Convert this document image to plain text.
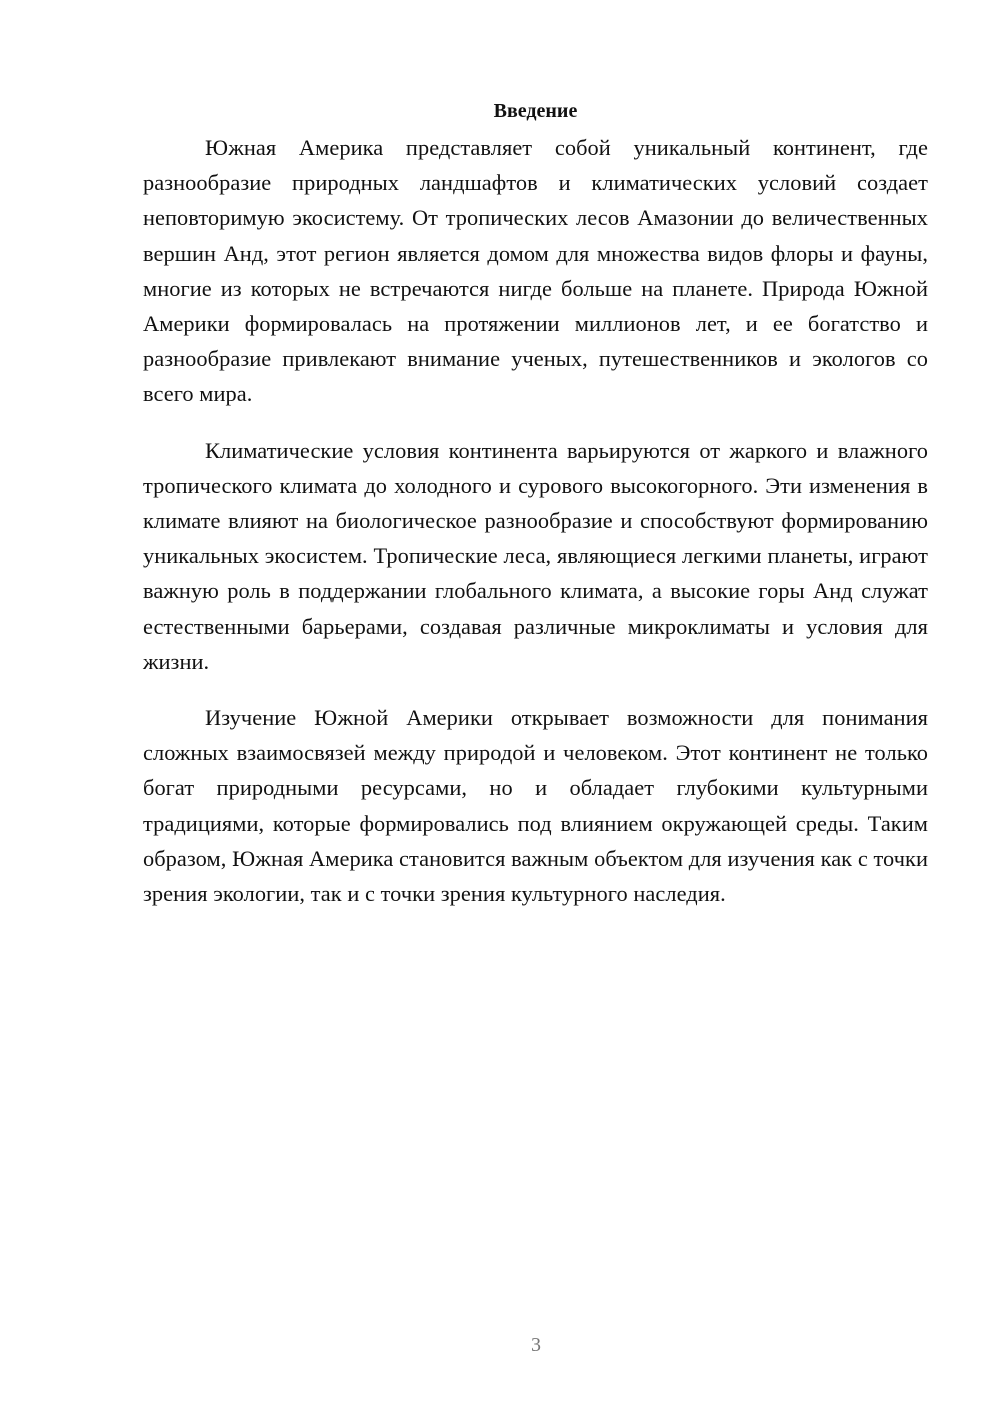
Введение

Южная Америка представляет собой уникальный континент, где разнообразие природных ландшафтов и климатических условий создает неповторимую экосистему. От тропических лесов Амазонии до величественных вершин Анд, этот регион является домом для множества видов флоры и фауны, многие из которых не встречаются нигде больше на планете. Природа Южной Америки формировалась на протяжении миллионов лет, и ее богатство и разнообразие привлекают внимание ученых, путешественников и экологов со всего мира.

Климатические условия континента варьируются от жаркого и влажного тропического климата до холодного и сурового высокогорного. Эти изменения в климате влияют на биологическое разнообразие и способствуют формированию уникальных экосистем. Тропические леса, являющиеся легкими планеты, играют важную роль в поддержании глобального климата, а высокие горы Анд служат естественными барьерами, создавая различные микроклиматы и условия для жизни.

Изучение Южной Америки открывает возможности для понимания сложных взаимосвязей между природой и человеком. Этот континент не только богат природными ресурсами, но и обладает глубокими культурными традициями, которые формировались под влиянием окружающей среды. Таким образом, Южная Америка становится важным объектом для изучения как с точки зрения экологии, так и с точки зрения культурного наследия.

3
